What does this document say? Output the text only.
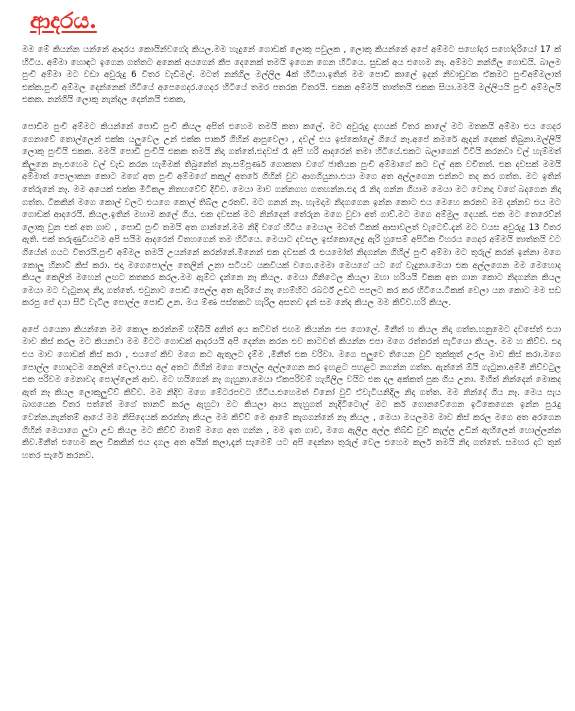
ආදරය.

මම මේ කියන්න යන්නේ ආදරය කොයින්වගේද කියල.මම හැදුනේ ගොඩක් ලොකු පවුලක , ලොකු කියන්නේ අපේ අම්මට සහෝදර සහෝදරියෝ 17 ක් හිටිය. අම්මා හොඳට ඉගෙන ගත්තට අනෙක් අයගෙන් කීප දෙනෙක් තමයි ඉගෙන ගෙන හිටියෙ. සුඩක් අය එහෙම නෑ. අම්මට නන්ගිල ගොඩයි. බාලම පුංචි අම්මා මට වඩා අවුරුදු 6 විතර වැඩිමල්. මටත් නන්ගිල මල්ලිල 4ක් හිටියා.ඉතින් මම පොඩි කාලේ ඉදන් නිවාඩුවක ඒකමට පුංචිඅම්මලාත් එක්ක.පුංචි අම්මල දෙන්නෙක් හිටියේ අපෙගෙදර.ගෙදර හිටියේ තමර පතරක විතරයි. එකක අම්මයි තාත්තයි එකක සියා.මමයි මල්ලියයි පුංචි අම්මලයි එකක. නන්ගියි ලොකු නැන්දල දෙන්නයි එකක,

පොඩිම පුංචි අම්මට කියන්නේ පොඩි පුංචි කියල අපිත් එහෙම තමයි කතා කලේ. මට අවුරුදු දහයක් විතර කාලේ මට මතකයි අම්මා එය ගෙදර ගෙනාවේ තොල්ලෙන් එක්ක යලුවෙල උන් එක්ක පාර්ක් ගිහින් ආපුවෙලා , දවල් එය ඉස්කෝලේ ගියේ නෑ.අපේ කමරේ ඇදන් දෙකක් තිබුනා.මල්ලියි ලොකු පුංචියි එකක. මමයි පොඩි පුංචියි එකක තමයි නිදා ගත්තේ.එදවස් රෑ අපි හරි ආදරෙන් තමා හිටියේ.එකට බලාගෙන් ටීවියි කරනවා වල් හැම්මත් කිලුනෙ නෑ.එහෙම වල් වැඩ කරන හැමිමක් තිබුනේත් නෑ.සම්පූර්ණ ගොකතා වගේ ජාතියක පුංචි අම්මාගේ කට වල් අක වචිතත්. එක දවසක් මමයි අම්මාත් පොලාකන කොට මගේ අත පුංචි අම්මගේ කකුල් අතරේ ගිහින් වුව ආගගියුනා.එයා මගෙ අත අල්ලගෙන එන්නට තද කර ගත්ත. මට ඉතින් තේරුනේ නෑ. මම අයෙක් එක්ක මිටිකල නිතහවේව් දිවිව. මෙයා මාව ගන්නගහ ගතහන්න.එදා රෑ නිදා ගන්න ගියාම මෙයා මට වෙනදා වගේ බදගෙන නිදා ගත්ත. ටිකකින් මගෙ කොල් වලට එයගෙ කොල් තිබ්ල උරතව්. මට ගනන් නෑ. හැමදාම නිදගගෙන ඉන්න කොට එය මෙහෙ කරනව මම දන්නව එය මට ගොඩක් ආදරෙයි. කියල.ඉතින් මහාම කලේ ගිය. එක දවසක් මට නින්දෙන් තේරුන මගෙ වුවා අත් ගාව්.මට මගෙ අම්මුල දෙයක්. එක මට තෙරෙව්න් ලොකු වුන එක් අත ගාව , පොඩි පුංචි තමයි අත ගාන්නේ.මම නිදි වගේ හිටිය මෙයාල මටත් ටිකක් ආසාවලත් වැටෙව්.දැන් මට වයස අවුරුදු 13 විතර ඇති. එක් තරුණුවියටම අපි සයිම ආදරෙන් විතහගෙන් තම හිටියෙ. මෙයාට දවසල ඉස්කොලෙදු ඇරි හුසෙම් අපිටික විහරය ගෙදර අම්මයි තාත්තයි වට ගියේත් ගයට විතරයි.පුංචි අම්මල තමයි උයන්නේ කරන්නේ.මිනෙන් එක දවසක් රෑ එයමෝත් නිදගන්න ගිහිල් පුංචි අම්මා මට තුරුල් කරන් ඉන්නා මගෙ කොලු හිනාට් කිස් කරා. එදා මගෙපොල්ල තෙලින් උනා සටියව යකවියක් වගෙ.මෙමා මෙයගේ යට ගේ වැදුනා.මෙයා එක අල්ලගෙන මම මෙහොද කියල කෙලින් මහෙන් ලඟට කතකර කරල.මම ඇම්ට දැන්නෙ නෑ කියල. මෙයා ගිනිටෙල කියලා ඔහා හරියයි විකක අත ගාන කොට නිදගන්න කියල මෙයා මට වැටුනාද නිදා ගත්තේ. එවුනාට පොඩි පෙල්ල අත ඇරියේ නෑ හෙම්හිට රබර්ට් උඩට පපලට කර කර හිටියෙ.ටිකක් වෙලා යන කොට මම සඩ කරපු පේ දයා සිටි වැටිල පොල්ල පොඩි උන. මය ම්ණ පස්තකට හැරිල අසතව දැන් සම නේද කියල මම කිව්ව.හරි කියල.

අපේ ඨයෙනා කියන්නෙ මම කොල කරන්නම් හදීබියි අනිත් අය කට්වත් එහම කියන්න එප ගොලේ. මිනීත් හ කියල නිදා ගත්ත.හනුමෙට දවසේත් එයා මාව කිස් කරල මට කියනවා මම මිටට ගොඩක් ආදරයයි අපි දෙන්න කරන එව කාටවත් කියන්න එපා මගෙ රත්තරන් පැටියො කියල. මම හ කිව්ව. එදා එය මාව ගොඩක් කිස් කරා , එයගේ කිව මගෙ කට ඇතුලට දැම්ම ,මිනීත් එක වරිවා. මගෙ පලුවෙ තියෙන වුවි තුක්කුත් උරල මාව කිස් කරා.මගෙ පොල්ල හොදටම කෙලින් වෙලා.එය අල් අතට ගිහින් මගෙ පොල්ල අල්ලගෙන කර ඉහළට පහළට නගන්න ගත්ත. ඇන්නේ ඕයි ගැටුනා.අම්මි නිව්වටුල එක පරිවම මෙනාවද පොල්ලෙන් ආව. මට හයිගෙන් නෑ ගැහුනා.මෙයා ඒකපරිවම් හැගිලිල වයිට එක දල අක්කත් පුක ගිය උනා. මිහීත් නින්දෙන් මොකද ඇත් නෑ කියල ලොකුලුව්ව් කිව්ව. මම නිදිව මගෙ මේටරපවට හිටිය.එහෙමත් විනෝ වුවි ඒවැටියනිදිල නිදා ගත්ත. මම නින්දේ ගිය නෑ. මෙය පැය බාගයෙක විතර පත්තේ මගේ තානට් කරල ඇහුටා මට කියලා ආය කැහුගත් නැදිටිටොල් මට කර් ගොනවේගෙන ඉටිකෙගෙන ඉන්න පුරැදු වෙන්න.නැන්තම් ආයේ මම නිසිදෙයක් කරන්නෑ කියල මම කිව්ව් මෙ ආමේ කැගගන්නේ නෑ කියල , මෙයා මයලමම මාව කිස් කරල මගෙ අත අරගෙන ගිහින් මෙයාගෙ ලුවා උඩ කියල මට කිව්ව් මාතම් මගෙ අත ගන්න , මම ඉත ගාව, මගෙ ඇලිල අල්ල තිබ්ඩ් වුව් කැල්ල උඩින් ඇහිලෙන් හොල්ලන්න කිව.මිනීත් එහෙම කල විකකින් එය දගල අත අයින් කලා,දැන් සැමෙම් යට අපි දෙන්නා තුරුල් වෙල එහෙම කර්ල තමයි නිදා ගත්තේ. සමහර දාට තුන් හතර සැරේ කරනව.
